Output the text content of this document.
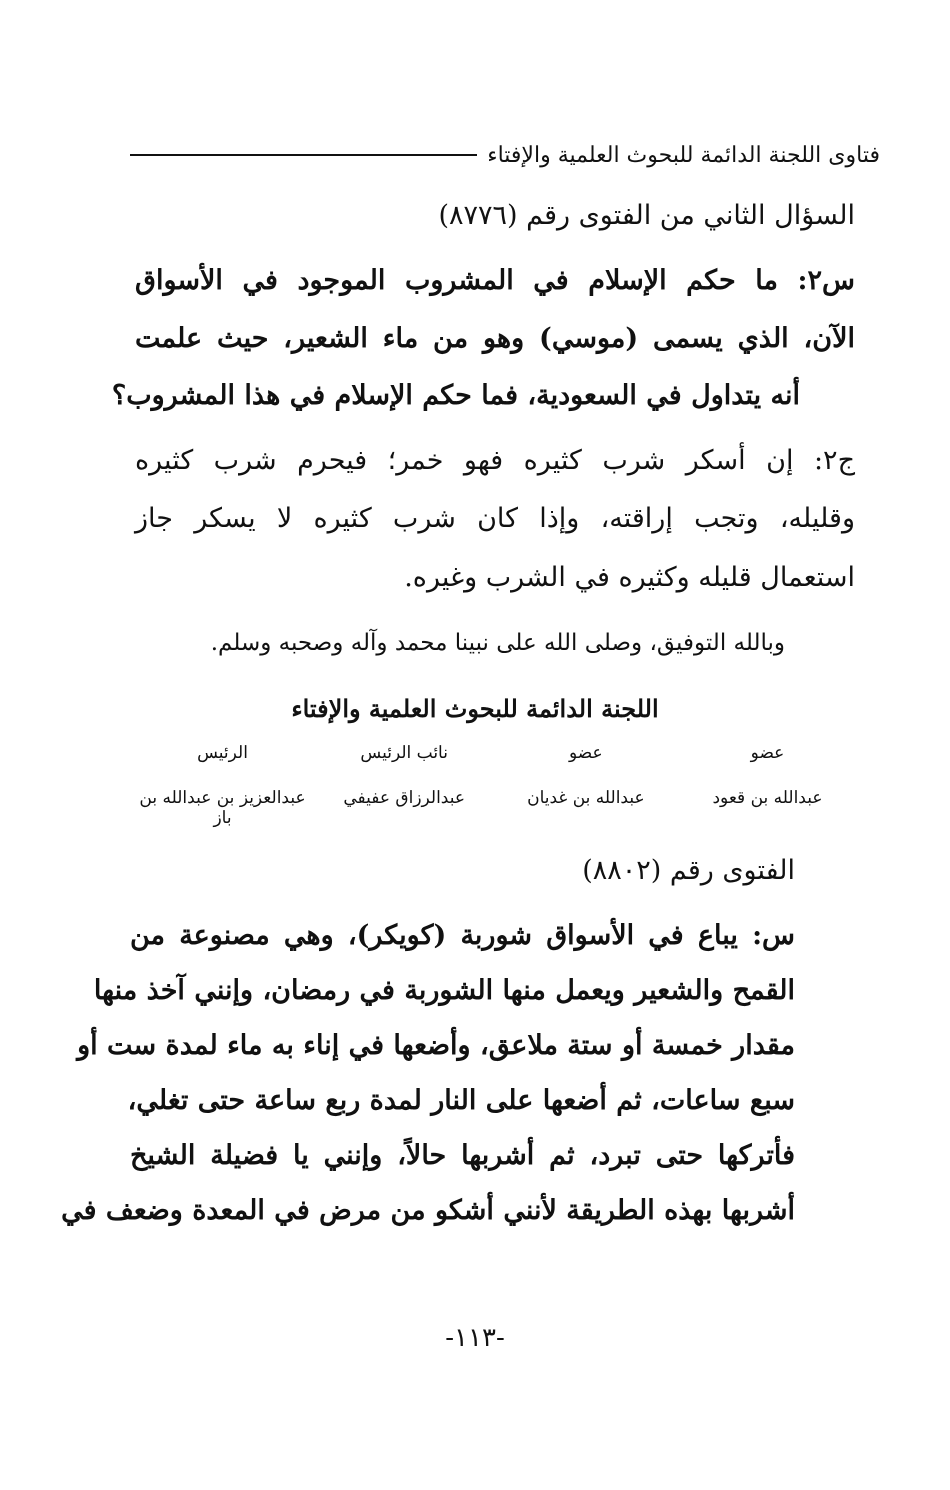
فتاوى اللجنة الدائمة للبحوث العلمية والإفتاء
السؤال الثاني من الفتوى رقم (٨٧٧٦)
س٢: ما حكم الإسلام في المشروب الموجود في الأسواق
الآن، الذي يسمى (موسي) وهو من ماء الشعير، حيث علمت
أنه يتداول في السعودية، فما حكم الإسلام في هذا المشروب؟
ج٢: إن أسكر شرب كثيره فهو خمر؛ فيحرم شرب كثيره
وقليله، وتجب إراقته، وإذا كان شرب كثيره لا يسكر جاز
استعمال قليله وكثيره في الشرب وغيره.
وبالله التوفيق، وصلى الله على نبينا محمد وآله وصحبه وسلم.
اللجنة الدائمة للبحوث العلمية والإفتاء
عضو
عضو
نائب الرئيس
الرئيس
عبدالله بن قعود
عبدالله بن غديان
عبدالرزاق عفيفي
عبدالعزيز بن عبدالله بن باز
الفتوى رقم (٨٨٠٢)
س: يباع في الأسواق شوربة (كويكر)، وهي مصنوعة من
القمح والشعير ويعمل منها الشوربة في رمضان، وإنني آخذ منها
مقدار خمسة أو ستة ملاعق، وأضعها في إناء به ماء لمدة ست أو
سبع ساعات، ثم أضعها على النار لمدة ربع ساعة حتى تغلي،
فأتركها حتى تبرد، ثم أشربها حالاً، وإنني يا فضيلة الشيخ
أشربها بهذه الطريقة لأنني أشكو من مرض في المعدة وضعف في
-١١٣-
